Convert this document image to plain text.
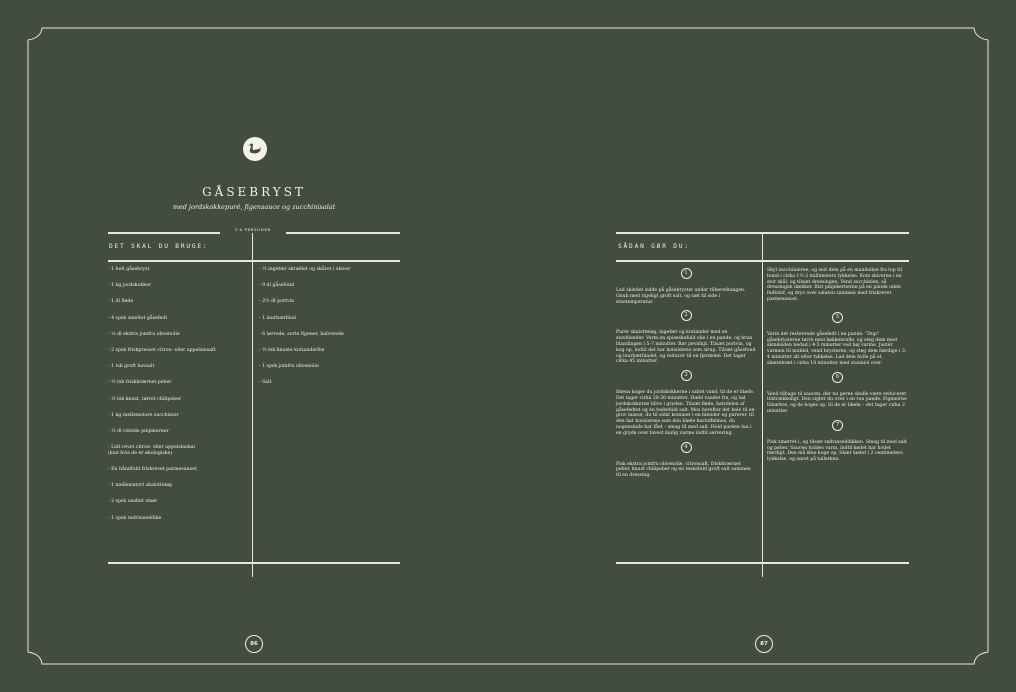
GÅSEBRYST
med jordskokkepuré, figensauce og zucchinisalat
5-6 PERSONER
DET SKAL DU BRUGE:
- 1 helt gåsebryst
- 1 kg jordskokker
- 1 dl fløde
- 4 spsk smeltet gåsefedt
- ⅛ dl ekstra jomfru olivenolie
- 2 spsk friskpresset citron- eller appelsinsaft
- 1 tsk groft havsalt
- ½ tsk friskkværnet peber
- ½ tsk knust, tørret chilipeber
- 1 kg mellemstore zucchinier
- ½ dl ristede pinjekerner
- Lidt revet citron- eller appelsinskal
(kun hvis de er økologiske)
- En håndfuld friskrevet parmesanost
- 1 mellemstort skalotteløg
- 2 spsk usaltet smør
- 1 spsk rødvinseddike
- ½ ingefær skrællet og skåret i skiver
- 9 dl gåsefond
- 2½ dl portvin
- 1 laurbærblad
- 6 tørrede, sorte figener, halverede
- ½ tsk knuste korianderfrø
- 1 spsk jomfru olivenolie
- Salt
86
SÅDAN GØR DU:
1
Lad skindet sidde på gåsebrystet under tilberedningen. Gnub med rigeligt groft salt, og sæt til side i stuetemperatur.
2
Purér skalotteløg, ingefær og koriander med en stavblender. Varm en spiseskefuld olie i en pande, og brun blandingen i 5-7 minutter. Rør jævnligt. Tilsæt portvin, og kog op, indtil det har konsistens som sirup. Tilsæt gåsefond og laurbærbladet, og reducér til en fjerdedel. Det tager cirka 45 minutter.
3
Imens koger du jordskokkerne i saltet vand, til de er bløde. Det tager cirka 20-30 minutter. Hæld vandet fra, og lad jordskokkerne blive i gryden. Tilsæt fløde, halvdelen af gåsefedtet og en teskefuld salt. Mos herefter det hele til en grov masse, du til sidst kommer i en blender og purerer, til den har konsistens som den bløde kartoffelmos, du nogensinde har fået – smag til med salt. Hold puréen lun i en gryde over lavest mulig varme indtil servering.
4
Pisk ekstra jomfru olivenolie, citronsaft, friskkværnet peber, knust chilipeber og en teskefuld groft salt sammen til en dressing.
Skyl zucchinierne, og snit dem på en mandoline fra top til bund i cirka 1½-2 millimeters tykkelse. Kom skiverne i en stor skål, og tilsæt dressingen. Vend zucchinien, så dressingen dækker. Rist pinjekernerne på en pande uden fedtstof, og drys over salaten sammen med friskrevet parmesanost.
5
Varm det resterende gåsefedt i en pande. "Dup" gåsebrysterne tørre med køkkenrulle, og steg dem med skindsiden nedad i 4-5 minutter ved høj varme. Justér varmen til middel, vend brysterne, og steg dem færdige i 3-4 minutter alt efter tykkelse. Lad dem hvile på et skærebræt i cirka 10 minutter med stanniol over.
6
Vend tilbage til saucen, der nu gerne skulle være reduceret tilstrækkeligt. Den sigter du over i en ren pande. Figenerne tilsættes, og de koges op, til de er bløde – det tager cirka 2 minutter.
7
Pisk smørret i, og tilsæt rødvinseddikken. Smag til med salt og peber. Saucen holdes varm, indtil kødet har hvilet færdigt. Den må ikke koge op. Skær kødet i 2 centimeters tykkelse, og anret på tallerken.
87
